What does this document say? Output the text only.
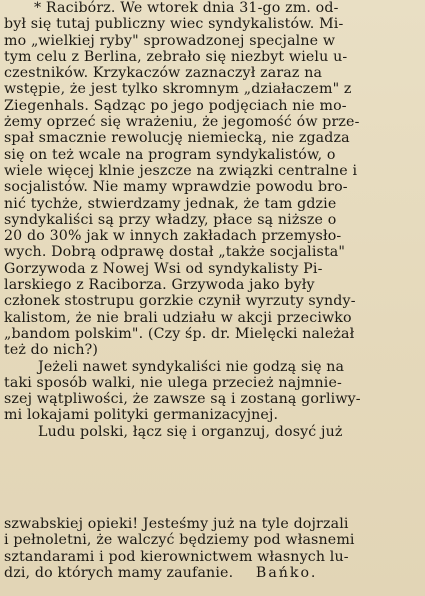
* Racibórz. We wtorek dnia 31-go zm. od-
był się tutaj publiczny wiec syndykalistów. Mi-
mo „wielkiej ryby" sprowadzonej specjalne w
tym celu z Berlina, zebrało się niezbyt wielu u-
czestników. Krzykaczów zaznaczył zaraz na
wstępie, że jest tylko skromnym „działaczem" z
Ziegenhals. Sądząc po jego podjęciach nie mo-
żemy oprzeć się wrażeniu, że jegomość ów prze-
spał smacznie rewolucję niemiecką, nie zgadza
się on też wcale na program syndykalistów, o
wiele więcej klnie jeszcze na związki centralne i
socjalistów. Nie mamy wprawdzie powodu bro-
nić tychże, stwierdzamy jednak, że tam gdzie
syndykaliści są przy władzy, płace są niższe o
20 do 30% jak w innych zakładach przemysło-
wych. Dobrą odprawę dostał „także socjalista"
Gorzywoda z Nowej Wsi od syndykalisty Pi-
larskiego z Raciborza. Grzywoda jako były
członek stostrupu gorzkie czynił wyrzuty syndy-
kalistom, że nie brali udziału w akcji przeciwko
„bandom polskim". (Czy śp. dr. Mielęcki należał
też do nich?)
Jeżeli nawet syndykaliści nie godzą się na
taki sposób walki, nie ulega przecież najmnie-
szej wątpliwości, że zawsze są i zostaną gorliwy-
mi lokajami polityki germanizacyjnej.
Ludu polski, łącz się i organzuj, dosyć już
szwabskiej opieki! Jesteśmy już na tyle dojrzali
i pełnoletni, że walczyć będziemy pod własnemi
sztandarami i pod kierownictwem własnych lu-
dzi, do których mamy zaufanie. Bańko.
